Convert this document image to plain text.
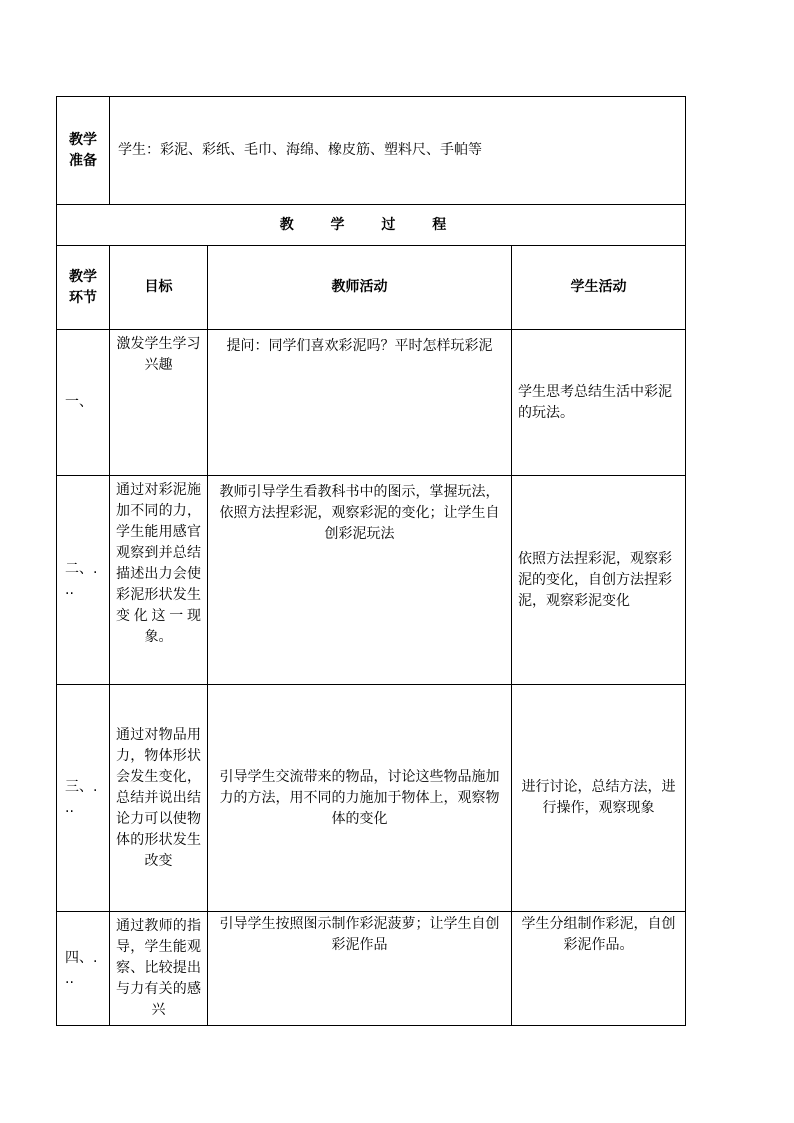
教学
准备	学生：彩泥、彩纸、毛巾、海绵、橡皮筋、塑料尺、手帕等		
教 学 过 程			

教学
环节	目标	教师活动	学生活动
一、	激发学生学习兴趣	提问：同学们喜欢彩泥吗？平时怎样玩彩泥	学生思考总结生活中彩泥的玩法。
二、. ..	通过对彩泥施加不同的力，学生能用感官观察到并总结描述出力会使彩泥形状发生变化这一现象。	教师引导学生看教科书中的图示，掌握玩法，依照方法捏彩泥，观察彩泥的变化；让学生自创彩泥玩法	依照方法捏彩泥，观察彩泥的变化，自创方法捏彩泥，观察彩泥变化
三、. ..	通过对物品用力，物体形状会发生变化，总结并说出结论力可以使物体的形状发生改变	引导学生交流带来的物品，讨论这些物品施加力的方法，用不同的力施加于物体上，观察物体的变化	进行讨论，总结方法，进行操作，观察现象
四、. ..	通过教师的指导，学生能观察、比较提出与力有关的感兴	引导学生按照图示制作彩泥菠萝；让学生自创彩泥作品	学生分组制作彩泥，自创彩泥作品。
